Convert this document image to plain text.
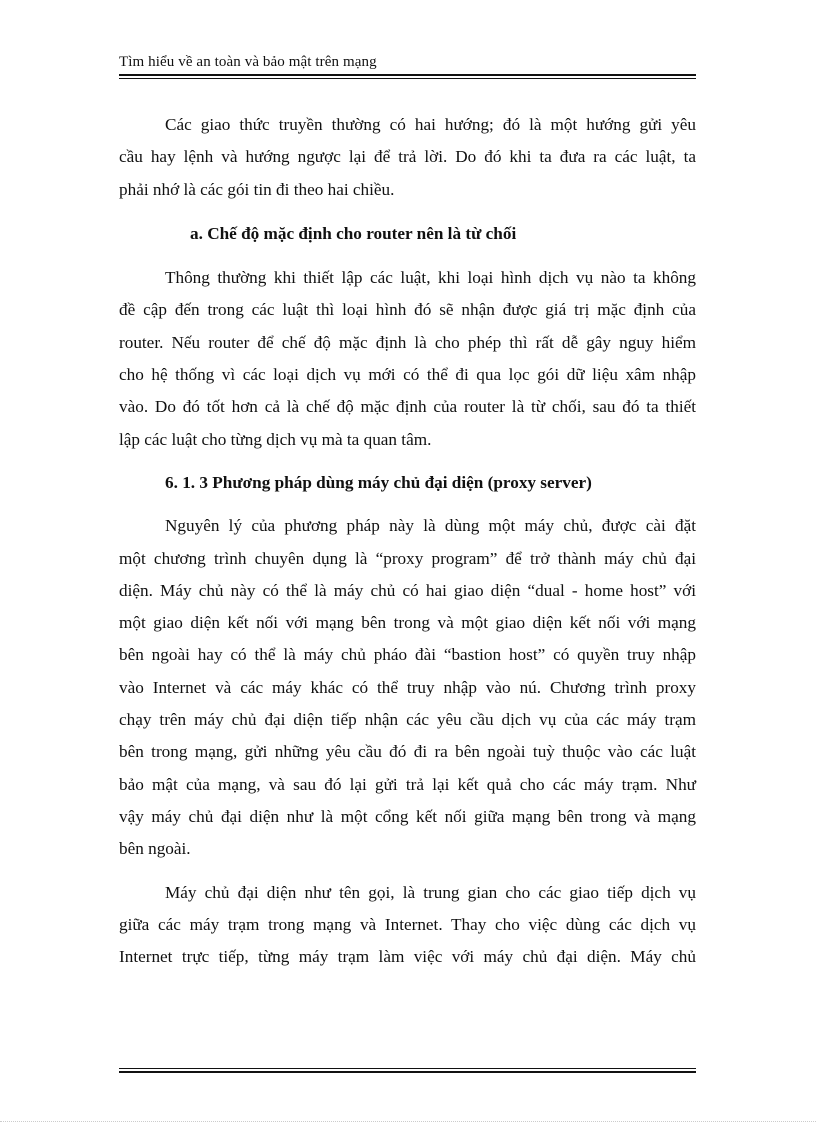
Tìm hiểu về an toàn và bảo mật trên mạng
Các giao thức truyền thường có hai hướng; đó là một hướng gửi yêu
cầu hay lệnh và hướng ngược lại để trả lời. Do đó khi ta đưa ra các luật, ta
phải nhớ là các gói tin đi theo hai chiều.
a. Chế độ mặc định cho router nên là từ chối
Thông thường khi thiết lập các luật, khi loại hình dịch vụ nào ta không
đề cập đến trong các luật thì loại hình đó sẽ nhận được giá trị mặc định của
router. Nếu router để chế độ mặc định là cho phép thì rất dễ gây nguy hiểm
cho hệ thống vì các loại dịch vụ mới có thể đi qua lọc gói dữ liệu xâm nhập
vào. Do đó tốt hơn cả là chế độ mặc định của router là từ chối, sau đó ta thiết
lập các luật cho từng dịch vụ mà ta quan tâm.
6. 1. 3 Phương pháp dùng máy chủ đại diện (proxy server)
Nguyên lý của phương pháp này là dùng một máy chủ, được cài đặt
một chương trình chuyên dụng là “proxy program” để trở thành máy chủ đại
diện. Máy chủ này có thể là máy chủ có hai giao diện “dual - home host” với
một giao diện kết nối với mạng bên trong và một giao diện kết nối với mạng
bên ngoài hay có thể là máy chủ pháo đài “bastion host” có quyền truy nhập
vào Internet và các máy khác có thể truy nhập vào nú. Chương trình proxy
chạy trên máy chủ đại diện tiếp nhận các yêu cầu dịch vụ của các máy trạm
bên trong mạng, gửi những yêu cầu đó đi ra bên ngoài tuỳ thuộc vào các luật
bảo mật của mạng, và sau đó lại gửi trả lại kết quả cho các máy trạm. Như
vậy máy chủ đại diện như là một cổng kết nối giữa mạng bên trong và mạng
bên ngoài.
Máy chủ đại diện như tên gọi, là trung gian cho các giao tiếp dịch vụ
giữa các máy trạm trong mạng và Internet. Thay cho việc dùng các dịch vụ
Internet trực tiếp, từng máy trạm làm việc với máy chủ đại diện. Máy chủ
